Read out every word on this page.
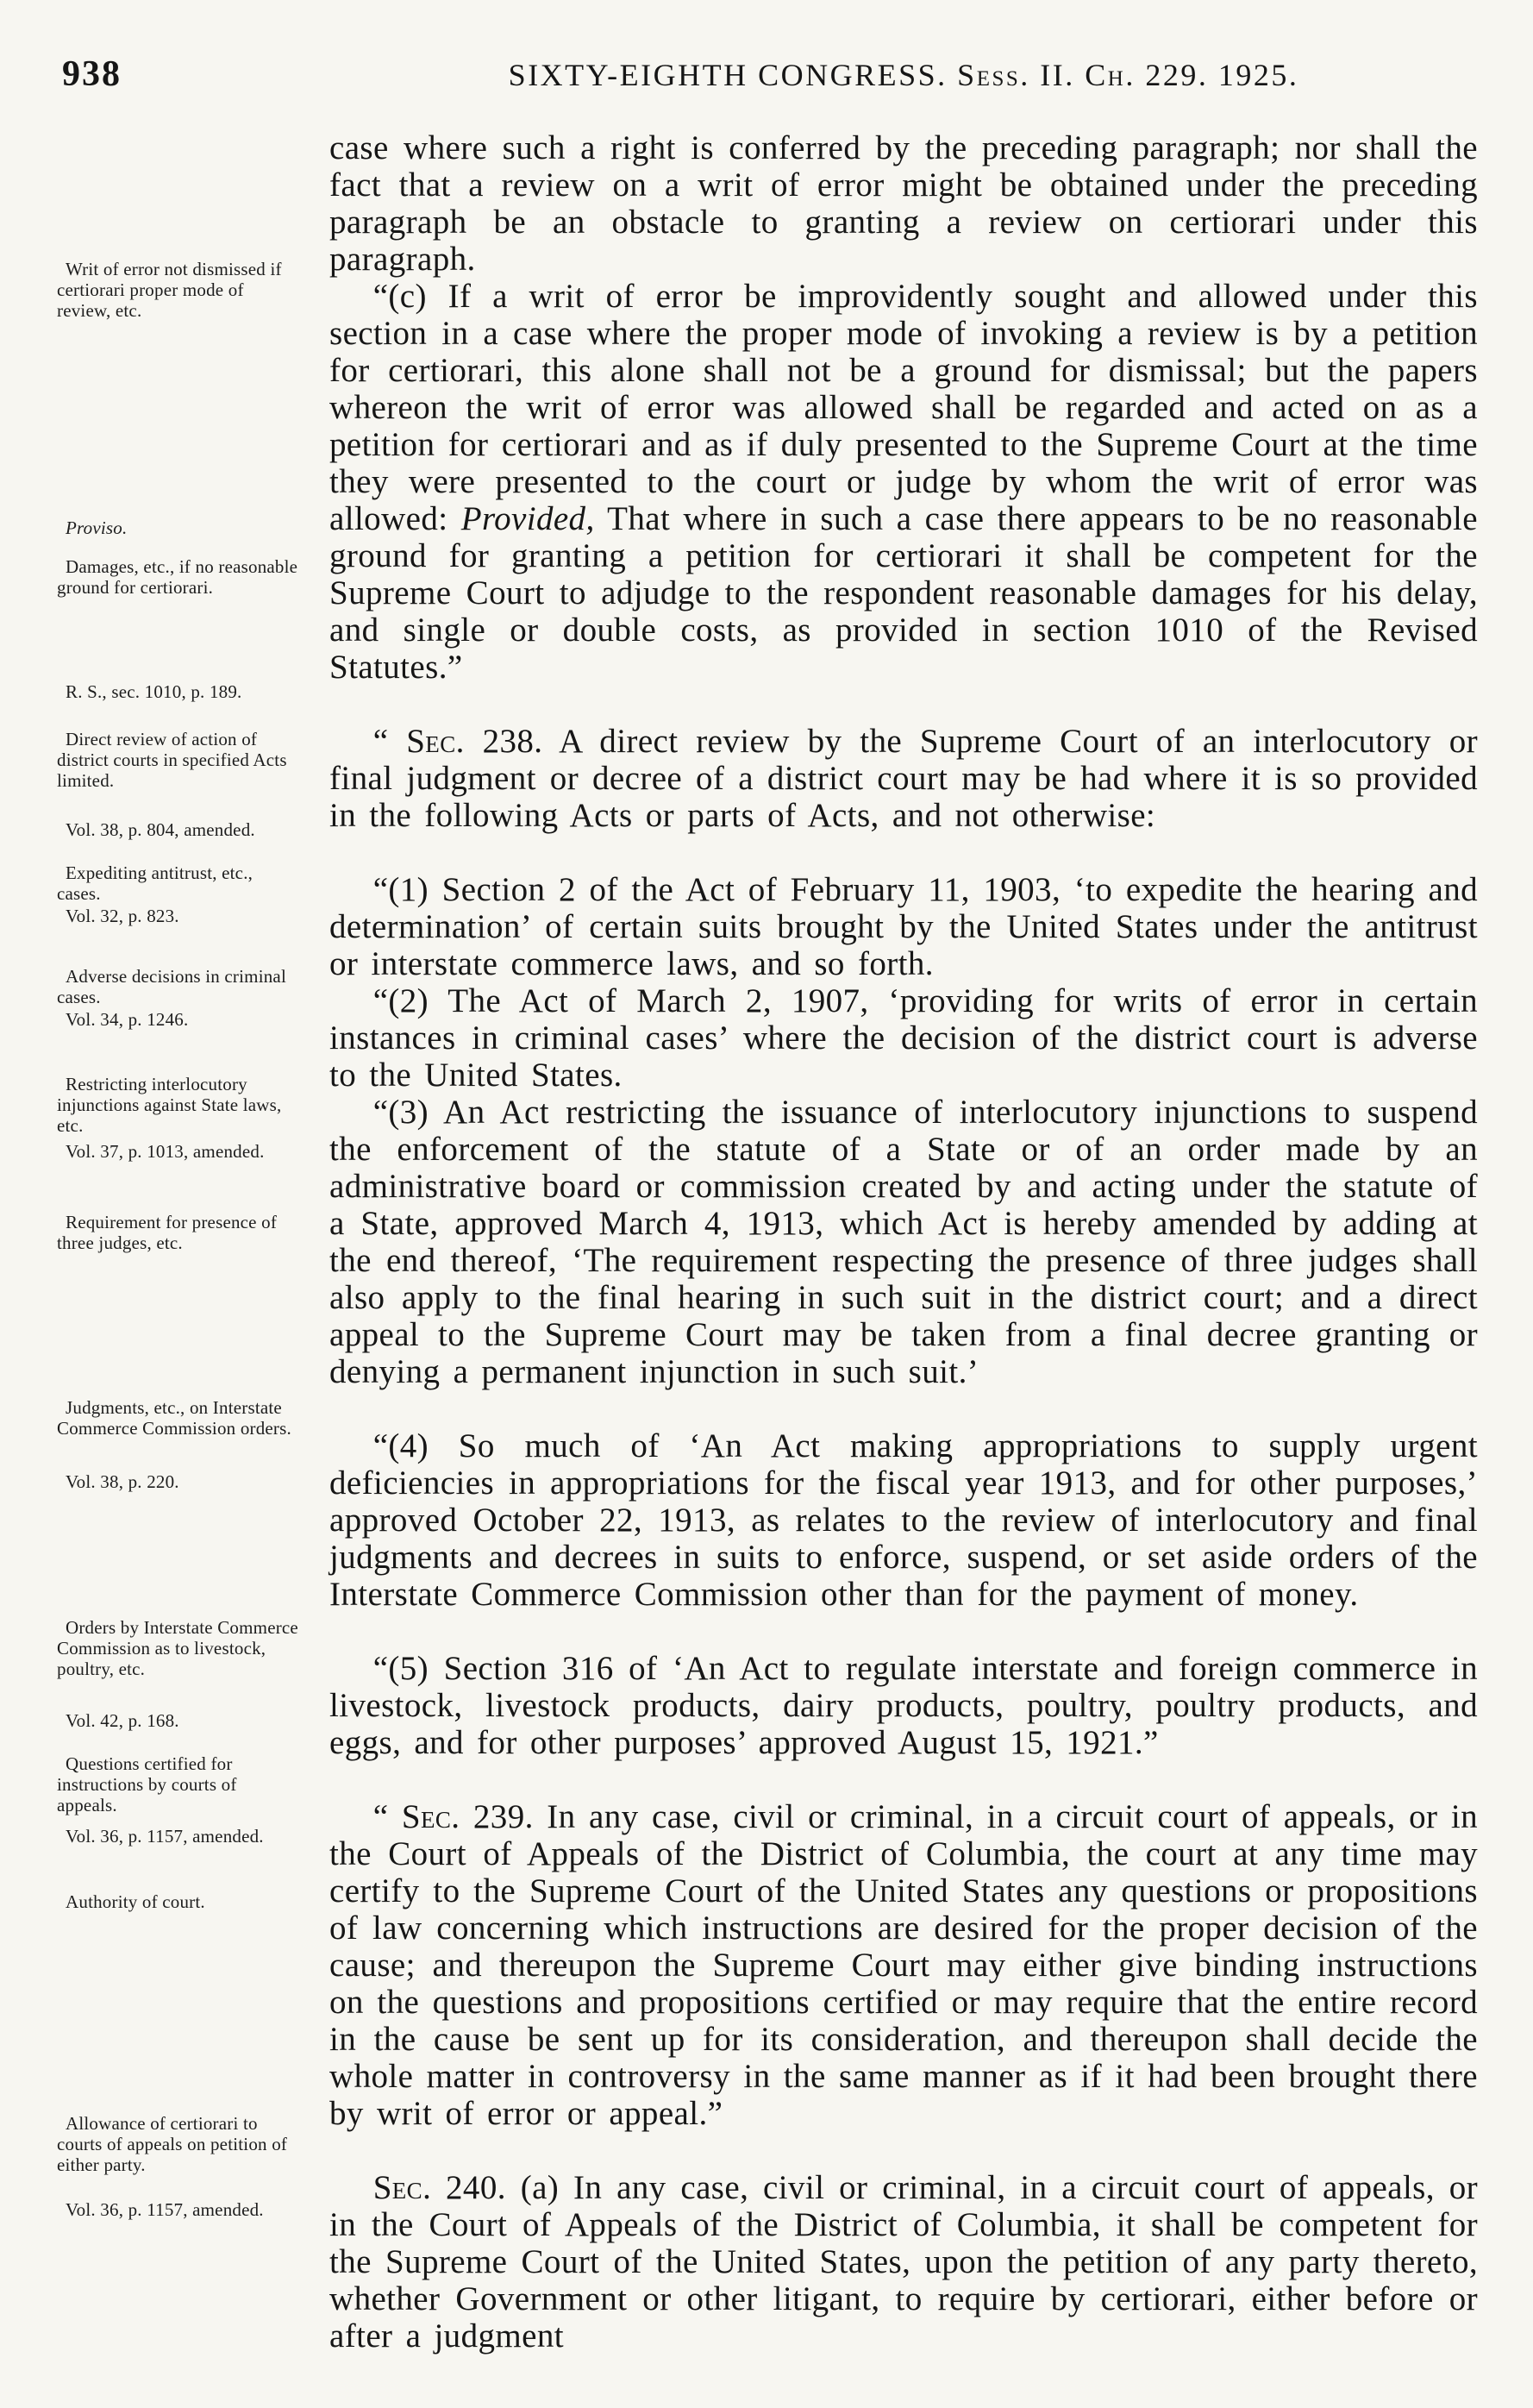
938	SIXTY-EIGHTH CONGRESS. Sess. II. Ch. 229. 1925.
Writ of error not dismissed if certiorari proper mode of review, etc.
Proviso.
Damages, etc., if no reasonable ground for certiorari.
R. S., sec. 1010, p. 189.
Direct review of action of district courts in specified Acts limited.
Vol. 38, p. 804, amended.
Expediting antitrust, etc., cases.
Vol. 32, p. 823.
Adverse decisions in criminal cases.
Vol. 34, p. 1246.
Restricting interlocutory injunctions against State laws, etc.
Vol. 37, p. 1013, amended.
Requirement for presence of three judges, etc.
Judgments, etc., on Interstate Commerce Commission orders.
Vol. 38, p. 220.
Orders by Interstate Commerce Commission as to livestock, poultry, etc.
Vol. 42, p. 168.
Questions certified for instructions by courts of appeals.
Vol. 36, p. 1157, amended.
Authority of court.
Allowance of certiorari to courts of appeals on petition of either party.
Vol. 36, p. 1157, amended.

case where such a right is conferred by the preceding paragraph; nor shall the fact that a review on a writ of error might be obtained under the preceding paragraph be an obstacle to granting a review on certiorari under this paragraph.

“(c) If a writ of error be improvidently sought and allowed under this section in a case where the proper mode of invoking a review is by a petition for certiorari, this alone shall not be a ground for dismissal; but the papers whereon the writ of error was allowed shall be regarded and acted on as a petition for certiorari and as if duly presented to the Supreme Court at the time they were presented to the court or judge by whom the writ of error was allowed: Provided, That where in such a case there appears to be no reasonable ground for granting a petition for certiorari it shall be competent for the Supreme Court to adjudge to the respondent reasonable damages for his delay, and single or double costs, as provided in section 1010 of the Revised Statutes.”

“ Sec. 238. A direct review by the Supreme Court of an interlocutory or final judgment or decree of a district court may be had where it is so provided in the following Acts or parts of Acts, and not otherwise:

“(1) Section 2 of the Act of February 11, 1903, ‘to expedite the hearing and determination’ of certain suits brought by the United States under the antitrust or interstate commerce laws, and so forth.

“(2) The Act of March 2, 1907, ‘providing for writs of error in certain instances in criminal cases’ where the decision of the district court is adverse to the United States.

“(3) An Act restricting the issuance of interlocutory injunctions to suspend the enforcement of the statute of a State or of an order made by an administrative board or commission created by and acting under the statute of a State, approved March 4, 1913, which Act is hereby amended by adding at the end thereof, ‘The requirement respecting the presence of three judges shall also apply to the final hearing in such suit in the district court; and a direct appeal to the Supreme Court may be taken from a final decree granting or denying a permanent injunction in such suit.’

“(4) So much of ‘An Act making appropriations to supply urgent deficiencies in appropriations for the fiscal year 1913, and for other purposes,’ approved October 22, 1913, as relates to the review of interlocutory and final judgments and decrees in suits to enforce, suspend, or set aside orders of the Interstate Commerce Commission other than for the payment of money.

“(5) Section 316 of ‘An Act to regulate interstate and foreign commerce in livestock, livestock products, dairy products, poultry, poultry products, and eggs, and for other purposes’ approved August 15, 1921.”

“ Sec. 239. In any case, civil or criminal, in a circuit court of appeals, or in the Court of Appeals of the District of Columbia, the court at any time may certify to the Supreme Court of the United States any questions or propositions of law concerning which instructions are desired for the proper decision of the cause; and thereupon the Supreme Court may either give binding instructions on the questions and propositions certified or may require that the entire record in the cause be sent up for its consideration, and thereupon shall decide the whole matter in controversy in the same manner as if it had been brought there by writ of error or appeal.”

Sec. 240. (a) In any case, civil or criminal, in a circuit court of appeals, or in the Court of Appeals of the District of Columbia, it shall be competent for the Supreme Court of the United States, upon the petition of any party thereto, whether Government or other litigant, to require by certiorari, either before or after a judgment
